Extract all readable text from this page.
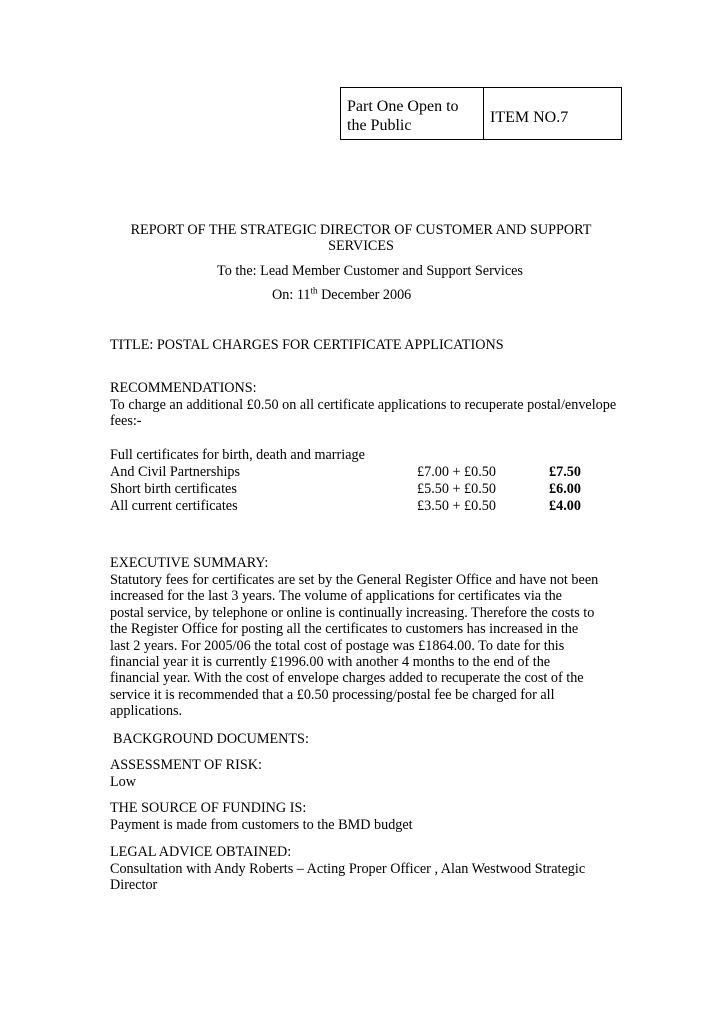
Part One Open to the Public	ITEM NO.7
REPORT OF THE STRATEGIC DIRECTOR OF CUSTOMER AND SUPPORT SERVICES
To the: Lead Member Customer and Support Services
On: 11th December 2006
TITLE: POSTAL CHARGES FOR CERTIFICATE APPLICATIONS
RECOMMENDATIONS:
To charge an additional £0.50 on all certificate applications to recuperate postal/envelope fees:-
Full certificates for birth, death and marriage
And Civil Partnerships	£7.00 + £0.50	£7.50
Short birth certificates	£5.50 + £0.50	£6.00
All current certificates	£3.50 + £0.50	£4.00
EXECUTIVE SUMMARY:
Statutory fees for certificates are set by the General Register Office and have not been
increased for the last 3 years. The volume of applications for certificates via the
postal service, by telephone or online is continually increasing. Therefore the costs to
the Register Office for posting all the certificates to customers has increased in the
last 2 years. For 2005/06 the total cost of postage was £1864.00. To date for this
financial year it is currently £1996.00 with another 4 months to the end of the
financial year. With the cost of envelope charges added to recuperate the cost of the
service it is recommended that a £0.50 processing/postal fee be charged for all
applications.
BACKGROUND DOCUMENTS:
ASSESSMENT OF RISK:
Low
THE SOURCE OF FUNDING IS:
Payment is made from customers to the BMD budget
LEGAL ADVICE OBTAINED:
Consultation with Andy Roberts – Acting Proper Officer , Alan Westwood Strategic
Director
